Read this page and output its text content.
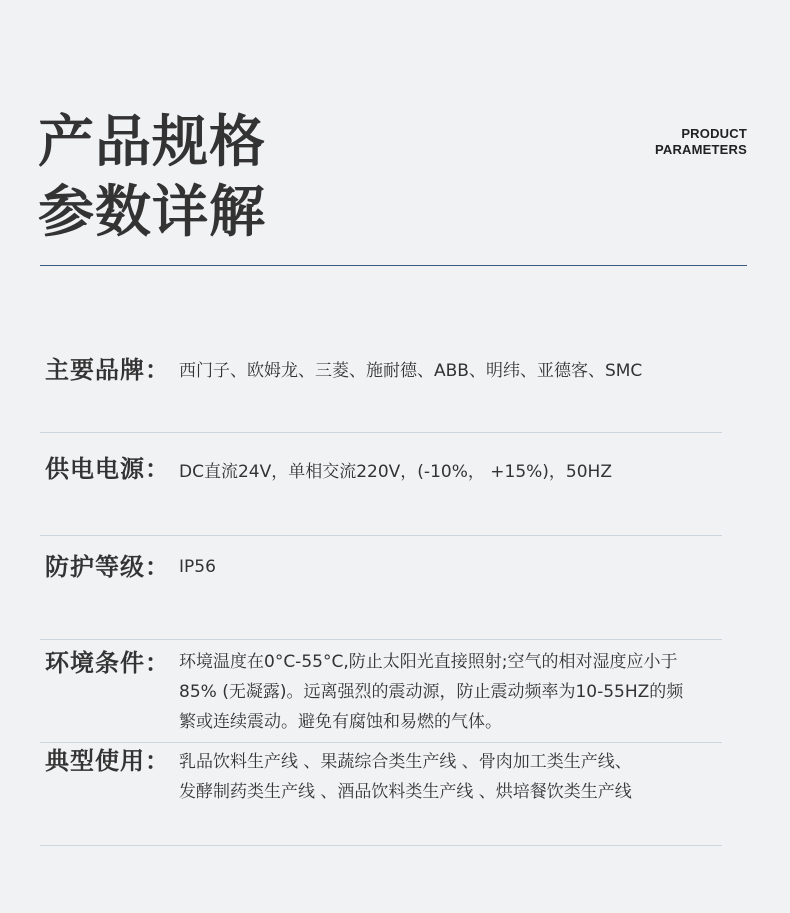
产品规格
参数详解
PRODUCT
PARAMETERS
主要品牌： 西门子、欧姆龙、三菱、施耐德、ABB、明纬、亚德客、SMC
供电电源： DC直流24V，单相交流220V，(-10%， +15%)，50HZ
防护等级： IP56
环境条件： 环境温度在0°C-55°C,防止太阳光直接照射;空气的相对湿度应小于
85% (无凝露)。远离强烈的震动源，防止震动频率为10-55HZ的频
繁或连续震动。避免有腐蚀和易燃的气体。
典型使用： 乳品饮料生产线 、果蔬综合类生产线 、骨肉加工类生产线、
发酵制药类生产线 、酒品饮料类生产线 、烘培餐饮类生产线
